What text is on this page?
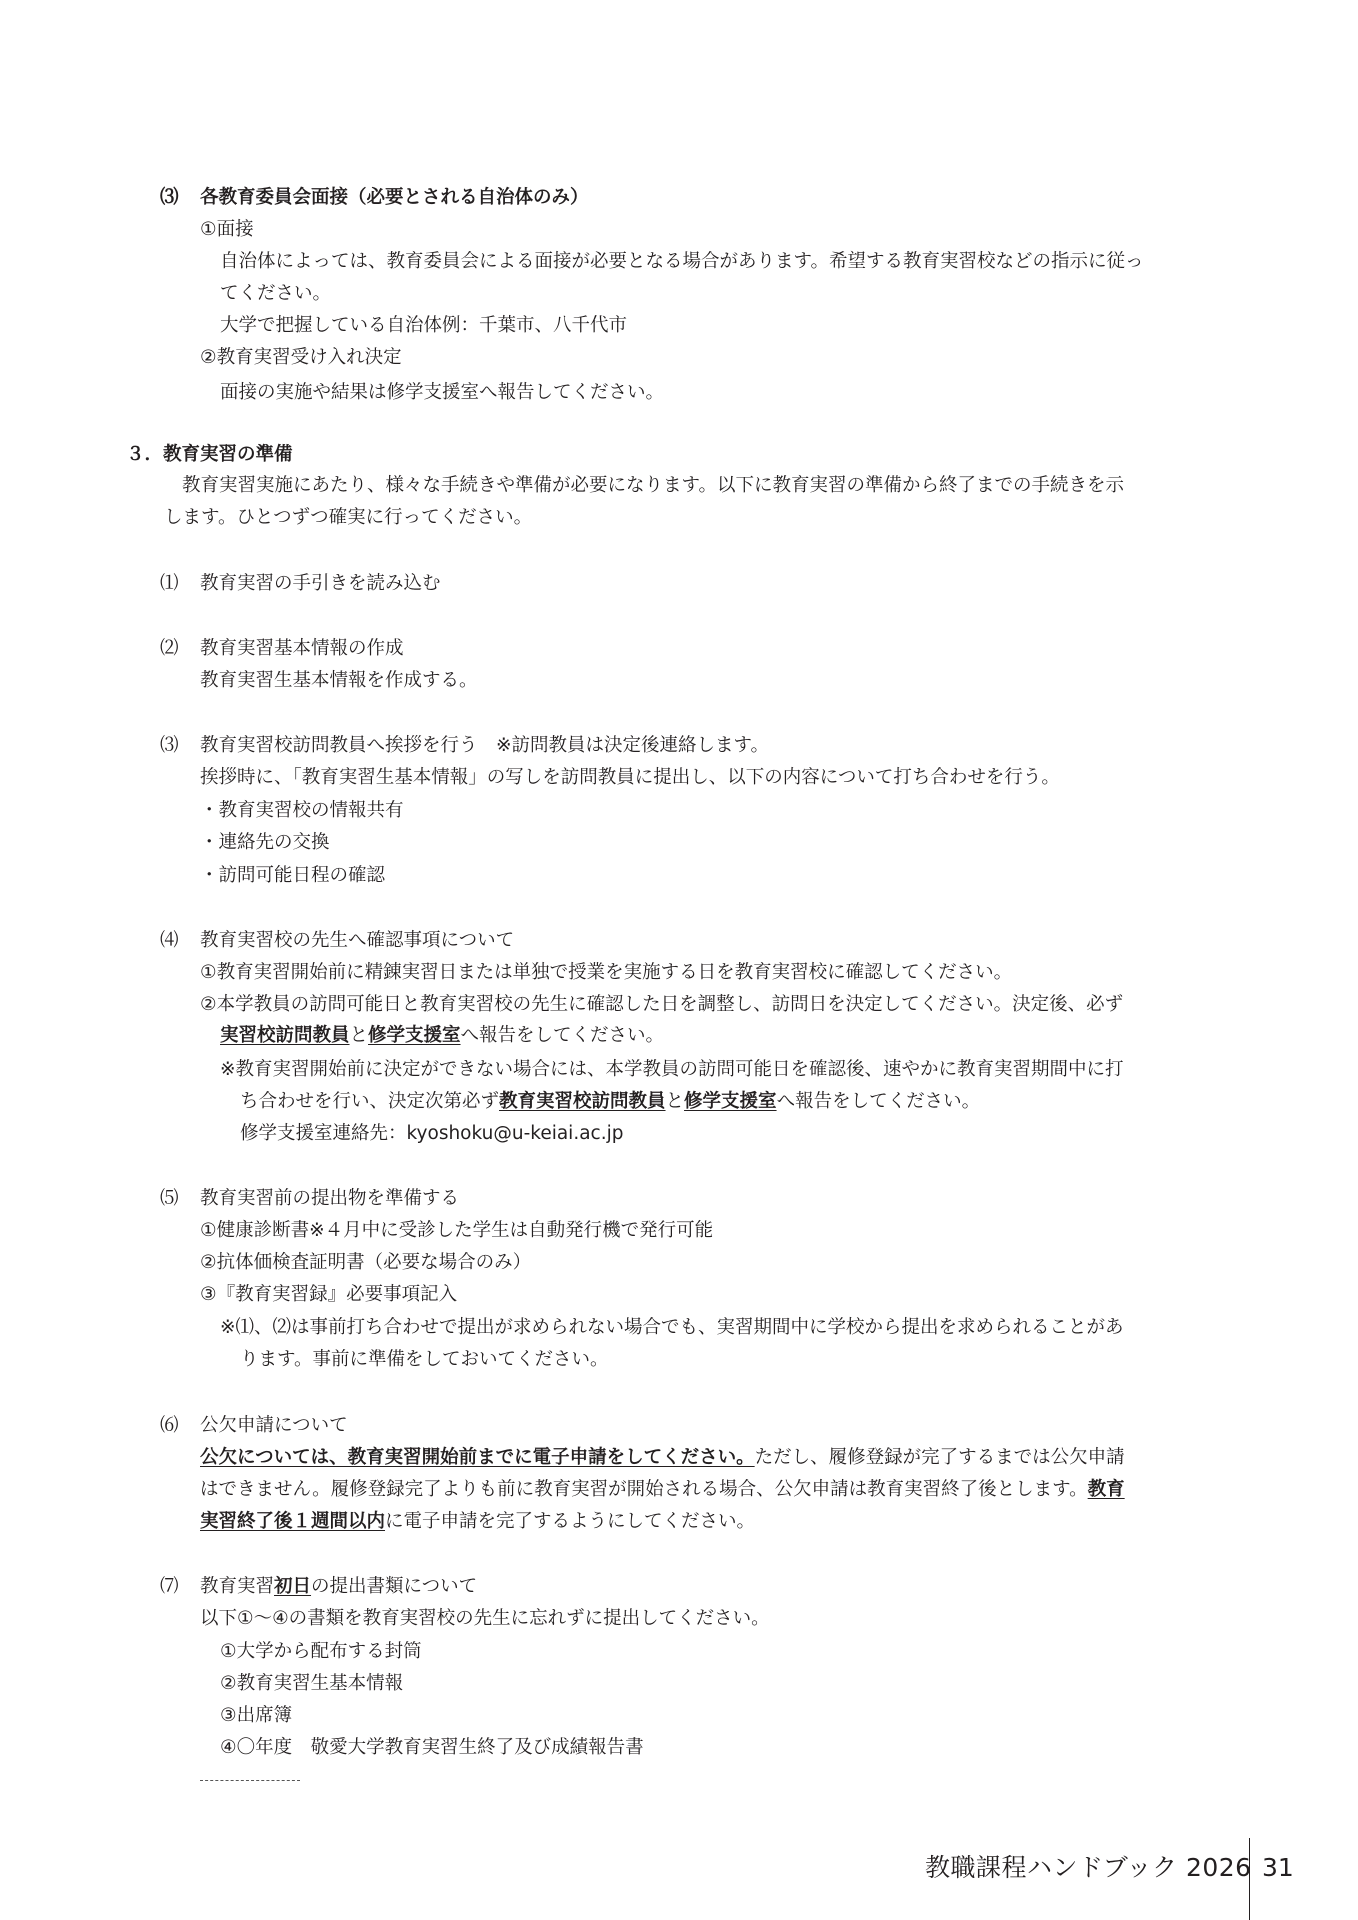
⑶ 各教育委員会面接（必要とされる自治体のみ）
①面接
自治体によっては、教育委員会による面接が必要となる場合があります。希望する教育実習校などの指示に従っ
てください。
大学で把握している自治体例：千葉市、八千代市
②教育実習受け入れ決定
面接の実施や結果は修学支援室へ報告してください。
３．教育実習の準備
教育実習実施にあたり、様々な手続きや準備が必要になります。以下に教育実習の準備から終了までの手続きを示
します。ひとつずつ確実に行ってください。
⑴ 教育実習の手引きを読み込む
⑵ 教育実習基本情報の作成
教育実習生基本情報を作成する。
⑶ 教育実習校訪問教員へ挨拶を行う　※訪問教員は決定後連絡します。
挨拶時に、「教育実習生基本情報」の写しを訪問教員に提出し、以下の内容について打ち合わせを行う。
・教育実習校の情報共有
・連絡先の交換
・訪問可能日程の確認
⑷ 教育実習校の先生へ確認事項について
①教育実習開始前に精錬実習日または単独で授業を実施する日を教育実習校に確認してください。
②本学教員の訪問可能日と教育実習校の先生に確認した日を調整し、訪問日を決定してください。決定後、必ず
実習校訪問教員と修学支援室へ報告をしてください。
※教育実習開始前に決定ができない場合には、本学教員の訪問可能日を確認後、速やかに教育実習期間中に打
ち合わせを行い、決定次第必ず教育実習校訪問教員と修学支援室へ報告をしてください。
修学支援室連絡先：kyoshoku@u-keiai.ac.jp
⑸ 教育実習前の提出物を準備する
①健康診断書※４月中に受診した学生は自動発行機で発行可能
②抗体価検査証明書（必要な場合のみ）
③『教育実習録』必要事項記入
※⑴、⑵は事前打ち合わせで提出が求められない場合でも、実習期間中に学校から提出を求められることがあ
ります。事前に準備をしておいてください。
⑹ 公欠申請について
公欠については、教育実習開始前までに電子申請をしてください。ただし、履修登録が完了するまでは公欠申請
はできません。履修登録完了よりも前に教育実習が開始される場合、公欠申請は教育実習終了後とします。教育
実習終了後１週間以内に電子申請を完了するようにしてください。
⑺ 教育実習初日の提出書類について
以下①～④の書類を教育実習校の先生に忘れずに提出してください。
①大学から配布する封筒
②教育実習生基本情報
③出席簿
④〇年度　敬愛大学教育実習生終了及び成績報告書
教職課程ハンドブック 2026 31
